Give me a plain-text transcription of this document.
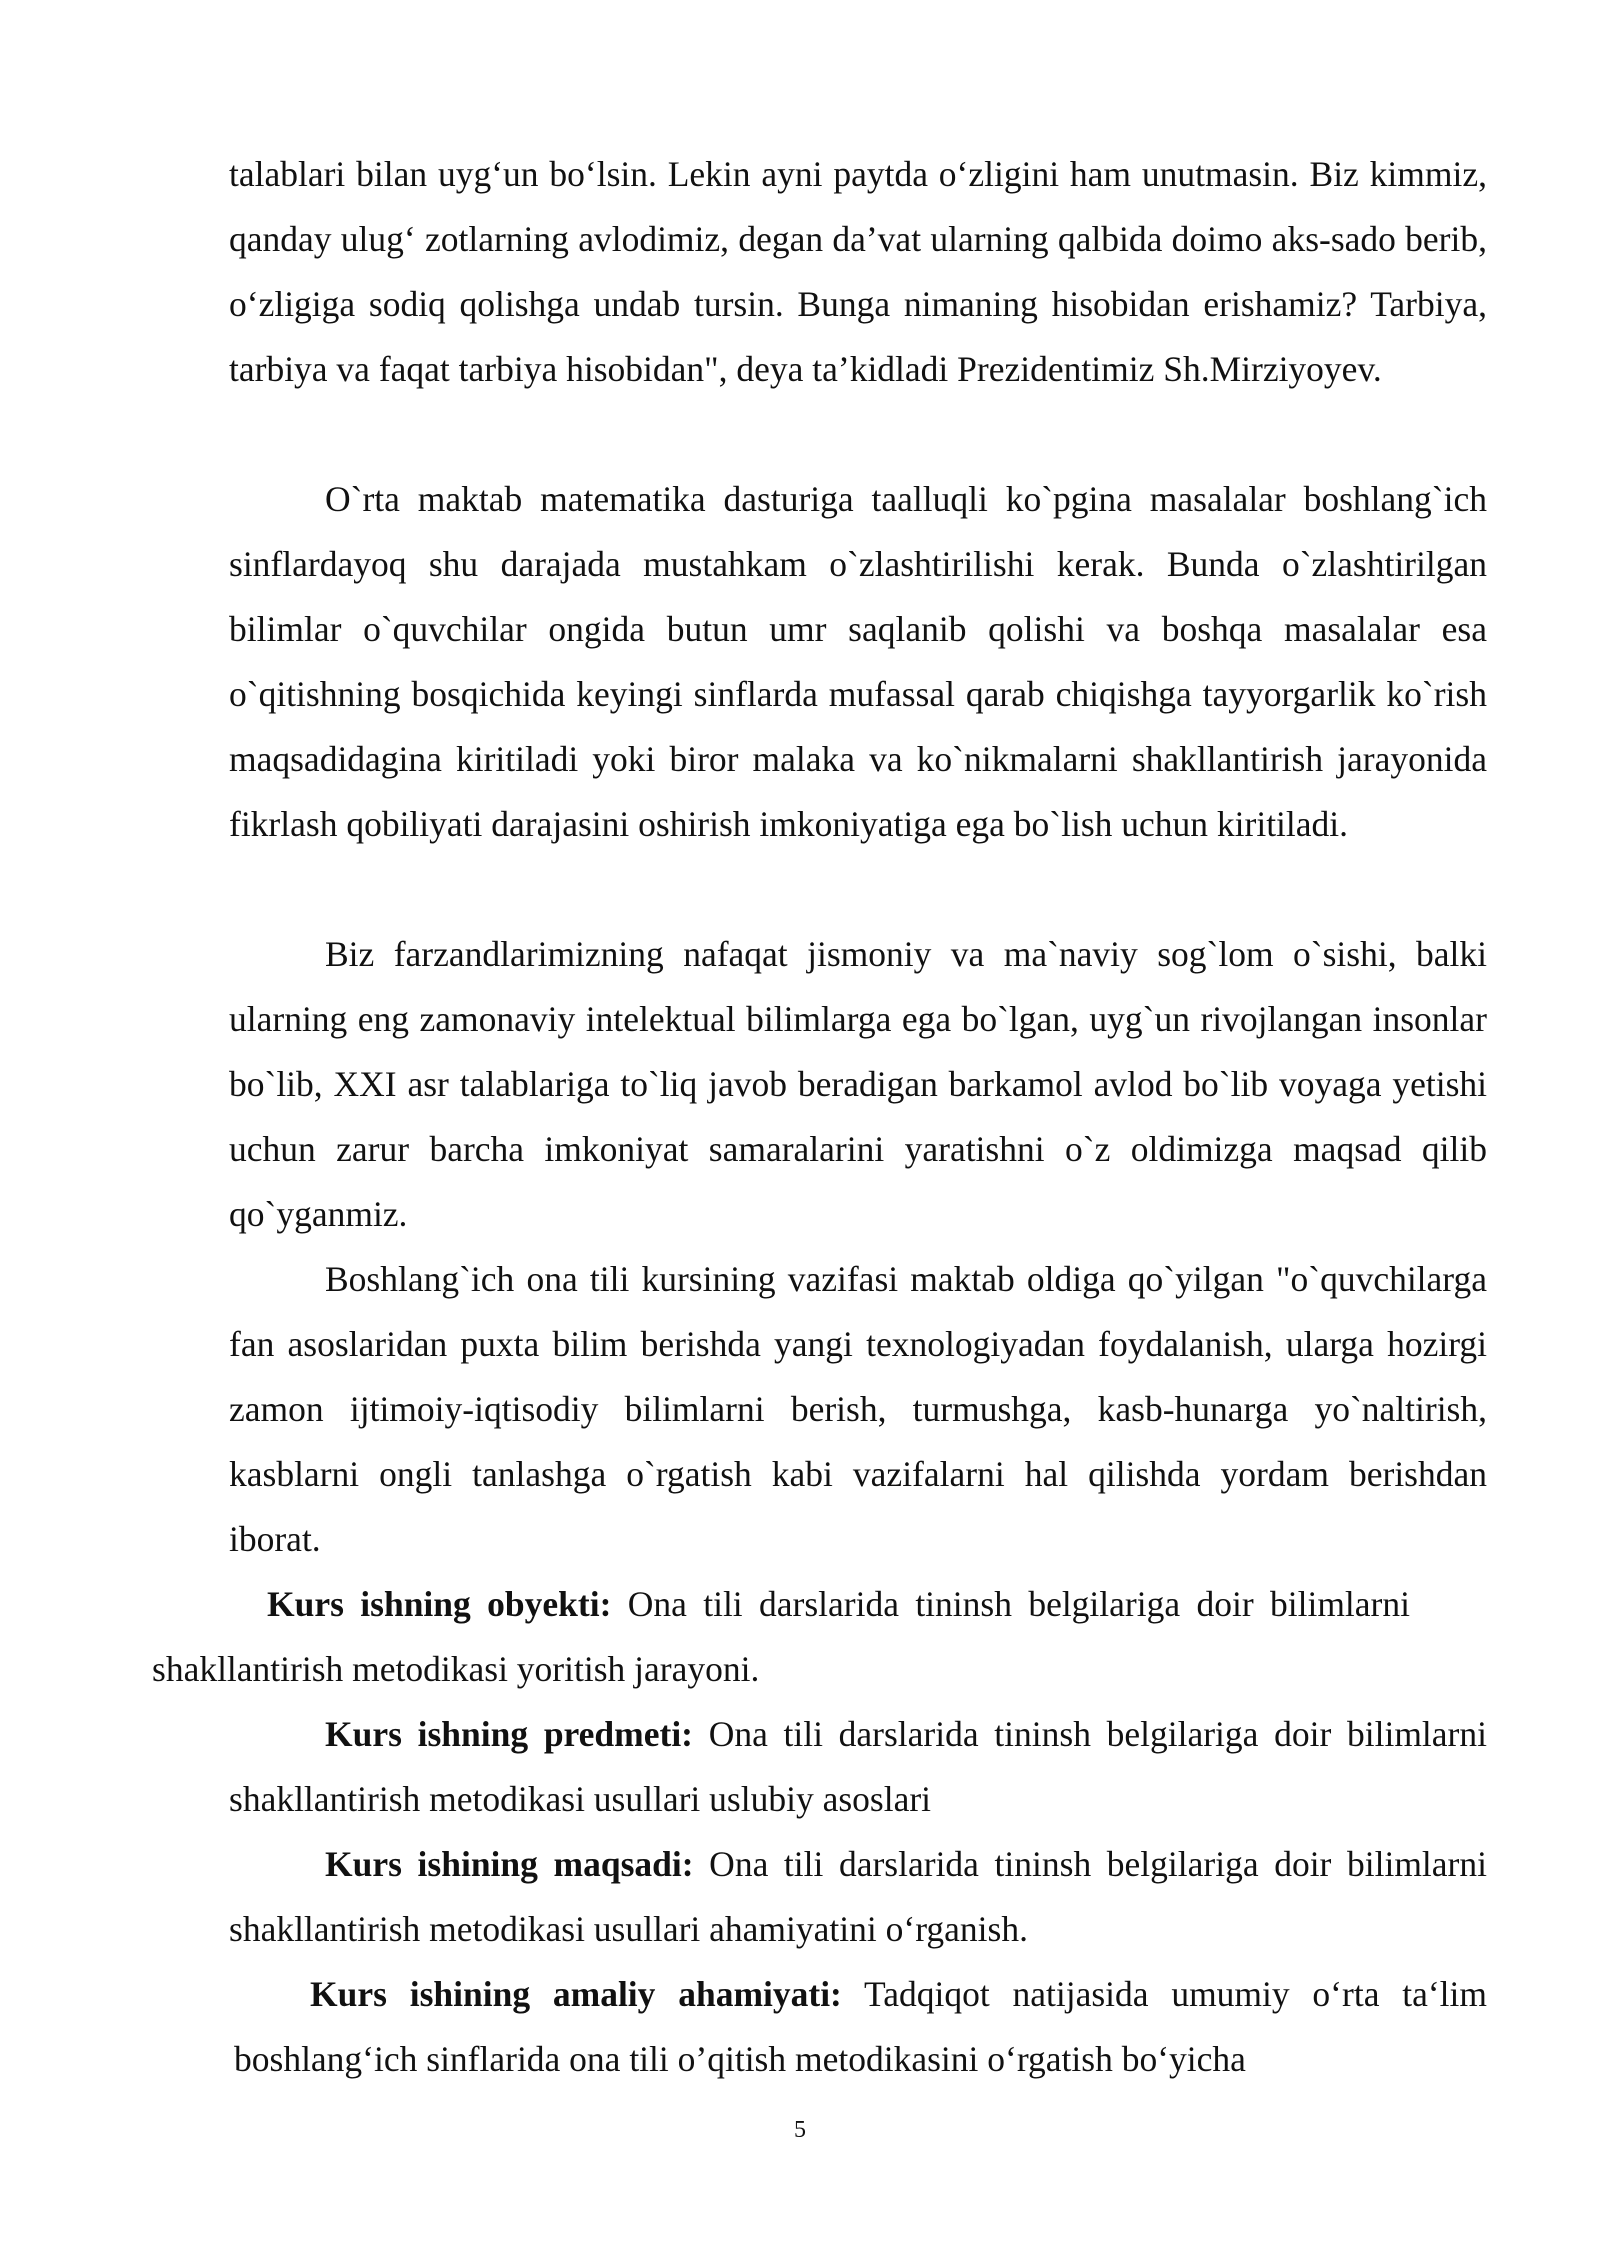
talablari bilan uyg‘un bo‘lsin. Lekin ayni paytda o‘zligini ham unutmasin. Biz kimmiz, qanday ulug‘ zotlarning avlodimiz, degan da’vat ularning qalbida doimo aks-sado berib, o‘zligiga sodiq qolishga undab tursin. Bunga nimaning hisobidan erishamiz? Tarbiya, tarbiya va faqat tarbiya hisobidan", deya ta’kidladi Prezidentimiz Sh.Mirziyoyev.

O`rta maktab matematika dasturiga taalluqli ko`pgina masalalar boshlang`ich sinflardayoq shu darajada mustahkam o`zlashtirilishi kerak. Bunda o`zlashtirilgan bilimlar o`quvchilar ongida butun umr saqlanib qolishi va boshqa masalalar esa o`qitishning bosqichida keyingi sinflarda mufassal qarab chiqishga tayyorgarlik ko`rish maqsadidagina kiritiladi yoki biror malaka va ko`nikmalarni shakllantirish jarayonida fikrlash qobiliyati darajasini oshirish imkoniyatiga ega bo`lish uchun kiritiladi.

Biz farzandlarimizning nafaqat jismoniy va ma`naviy sog`lom o`sishi, balki ularning eng zamonaviy intelektual bilimlarga ega bo`lgan, uyg`un rivojlangan insonlar bo`lib, XXI asr talablariga to`liq javob beradigan barkamol avlod bo`lib voyaga yetishi uchun zarur barcha imkoniyat samaralarini yaratishni o`z oldimizga maqsad qilib qo`yganmiz.

Boshlang`ich ona tili kursining vazifasi maktab oldiga qo`yilgan "o`quvchilarga fan asoslaridan puxta bilim berishda yangi texnologiyadan foydalanish, ularga hozirgi zamon ijtimoiy-iqtisodiy bilimlarni berish, turmushga, kasb-hunarga yo`naltirish, kasblarni ongli tanlashga o`rgatish kabi vazifalarni hal qilishda yordam berishdan iborat.

Kurs ishning obyekti: Ona tili darslarida tininsh belgilariga doir bilimlarni shakllantirish metodikasi yoritish jarayoni.

Kurs ishning predmeti: Ona tili darslarida tininsh belgilariga doir bilimlarni shakllantirish metodikasi usullari uslubiy asoslari

Kurs ishining maqsadi: Ona tili darslarida tininsh belgilariga doir bilimlarni shakllantirish metodikasi usullari ahamiyatini o‘rganish.

Kurs ishining amaliy ahamiyati: Tadqiqot natijasida umumiy o‘rta ta‘lim boshlang‘ich sinflarida ona tili o’qitish metodikasini o‘rgatish bo‘yicha

5
